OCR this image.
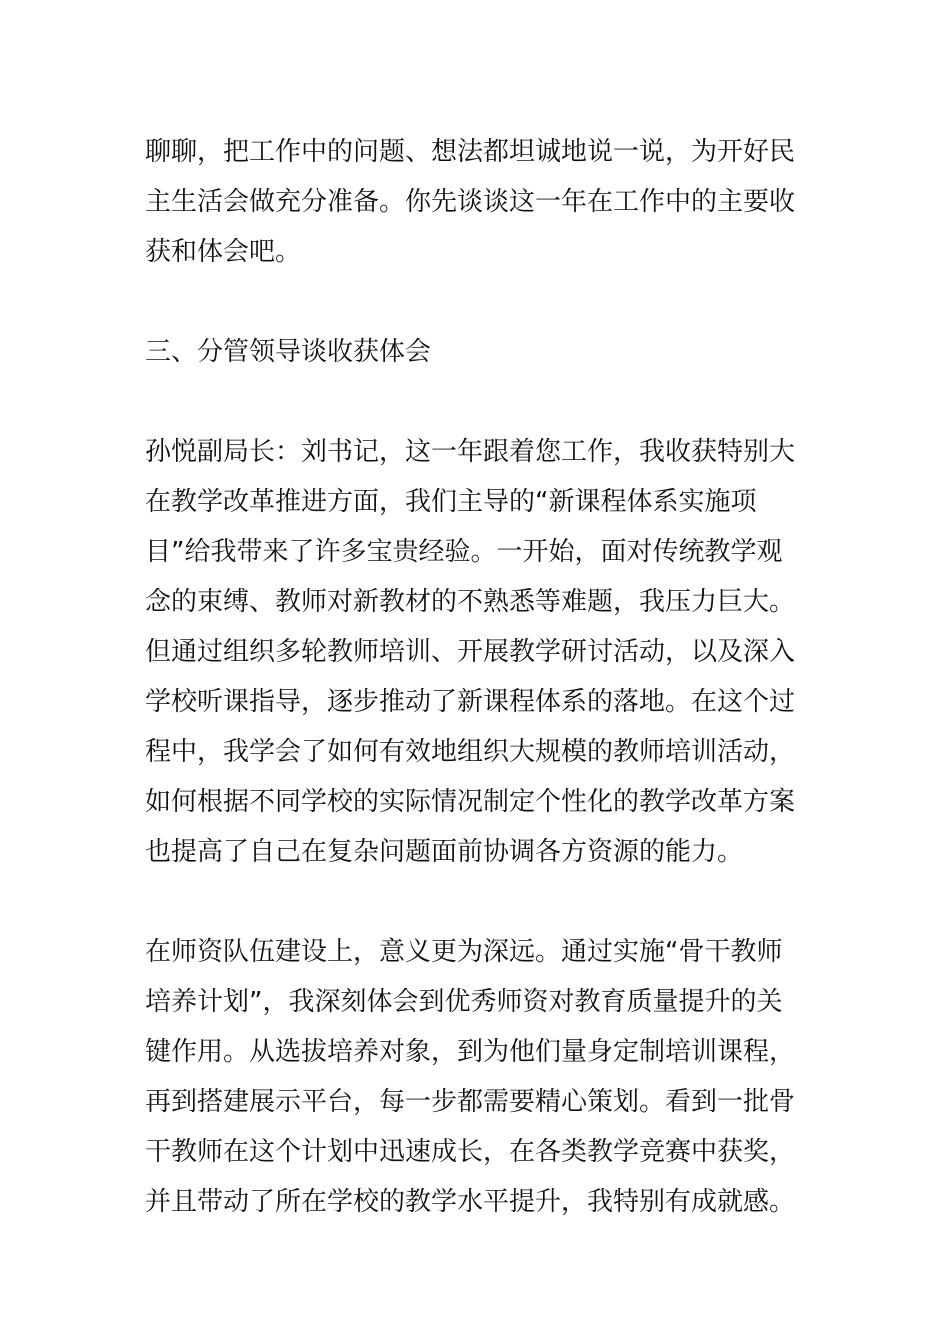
聊聊，把工作中的问题、想法都坦诚地说一说，为开好民
主生活会做充分准备。你先谈谈这一年在工作中的主要收
获和体会吧。
三、分管领导谈收获体会
孙悦副局长：刘书记，这一年跟着您工作，我收获特别大
在教学改革推进方面，我们主导的“新课程体系实施项
目”给我带来了许多宝贵经验。一开始，面对传统教学观
念的束缚、教师对新教材的不熟悉等难题，我压力巨大。
但通过组织多轮教师培训、开展教学研讨活动，以及深入
学校听课指导，逐步推动了新课程体系的落地。在这个过
程中，我学会了如何有效地组织大规模的教师培训活动，
如何根据不同学校的实际情况制定个性化的教学改革方案
也提高了自己在复杂问题面前协调各方资源的能力。
在师资队伍建设上，意义更为深远。通过实施“骨干教师
培养计划”，我深刻体会到优秀师资对教育质量提升的关
键作用。从选拔培养对象，到为他们量身定制培训课程，
再到搭建展示平台，每一步都需要精心策划。看到一批骨
干教师在这个计划中迅速成长，在各类教学竞赛中获奖，
并且带动了所在学校的教学水平提升，我特别有成就感。
